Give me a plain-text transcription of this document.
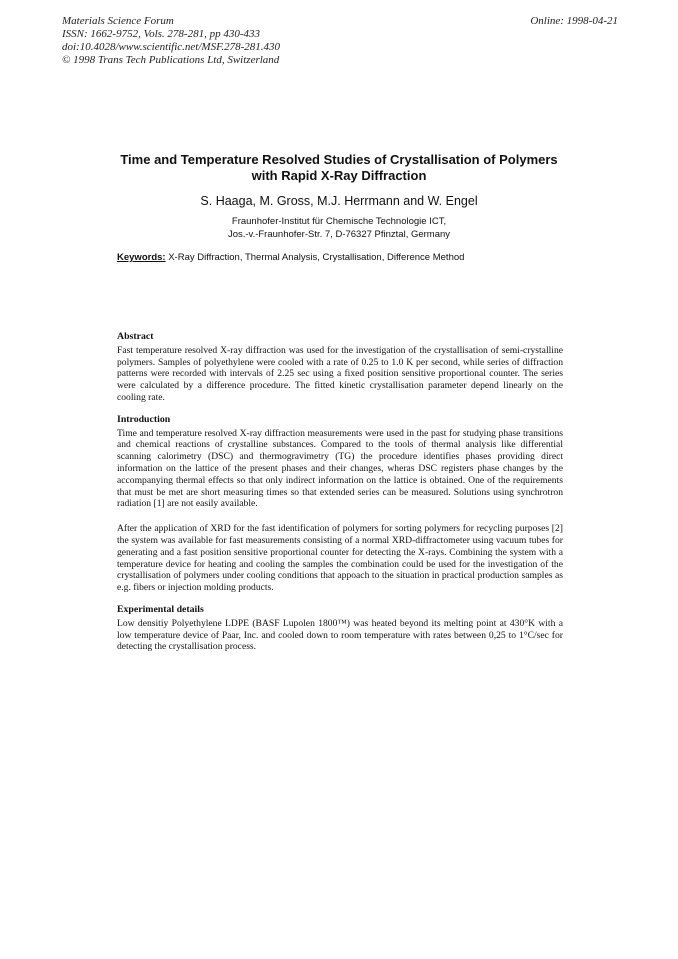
Materials Science Forum
ISSN: 1662-9752, Vols. 278-281, pp 430-433
doi:10.4028/www.scientific.net/MSF.278-281.430
© 1998 Trans Tech Publications Ltd, Switzerland
Online: 1998-04-21
Time and Temperature Resolved Studies of Crystallisation of Polymers with Rapid X-Ray Diffraction
S. Haaga, M. Gross, M.J. Herrmann and W. Engel
Fraunhofer-Institut für Chemische Technologie ICT,
Jos.-v.-Fraunhofer-Str. 7, D-76327 Pfinztal, Germany
Keywords: X-Ray Diffraction, Thermal Analysis, Crystallisation, Difference Method
Abstract

Fast temperature resolved X-ray diffraction was used for the investigation of the crystallisation of semi-crystalline polymers. Samples of polyethylene were cooled with a rate of 0.25 to 1.0 K per second, while series of diffraction patterns were recorded with intervals of 2.25 sec using a fixed position sensitive proportional counter. The series were calculated by a difference procedure. The fitted kinetic crystallisation parameter depend linearly on the cooling rate.

Introduction

Time and temperature resolved X-ray diffraction measurements were used in the past for studying phase transitions and chemical reactions of crystalline substances. Compared to the tools of thermal analysis like differential scanning calorimetry (DSC) and thermogravimetry (TG) the procedure identifies phases providing direct information on the lattice of the present phases and their changes, wheras DSC registers phase changes by the accompanying thermal effects so that only indirect information on the lattice is obtained. One of the requirements that must be met are short measuring times so that extended series can be measured. Solutions using synchrotron radiation [1] are not easily available.

After the application of XRD for the fast identification of polymers for sorting polymers for recycling purposes [2] the system was available for fast measurements consisting of a normal XRD-diffractometer using vacuum tubes for generating and a fast position sensitive proportional counter for detecting the X-rays. Combining the system with a temperature device for heating and cooling the samples the combination could be used for the investigation of the crystallisation of polymers under cooling conditions that appoach to the situation in practical production samples as e.g. fibers or injection molding products.

Experimental details

Low densitiy Polyethylene LDPE (BASF Lupolen 1800™) was heated beyond its melting point at 430°K with a low temperature device of Paar, Inc. and cooled down to room temperature with rates between 0,25 to 1°C/sec for detecting the crystallisation process.
